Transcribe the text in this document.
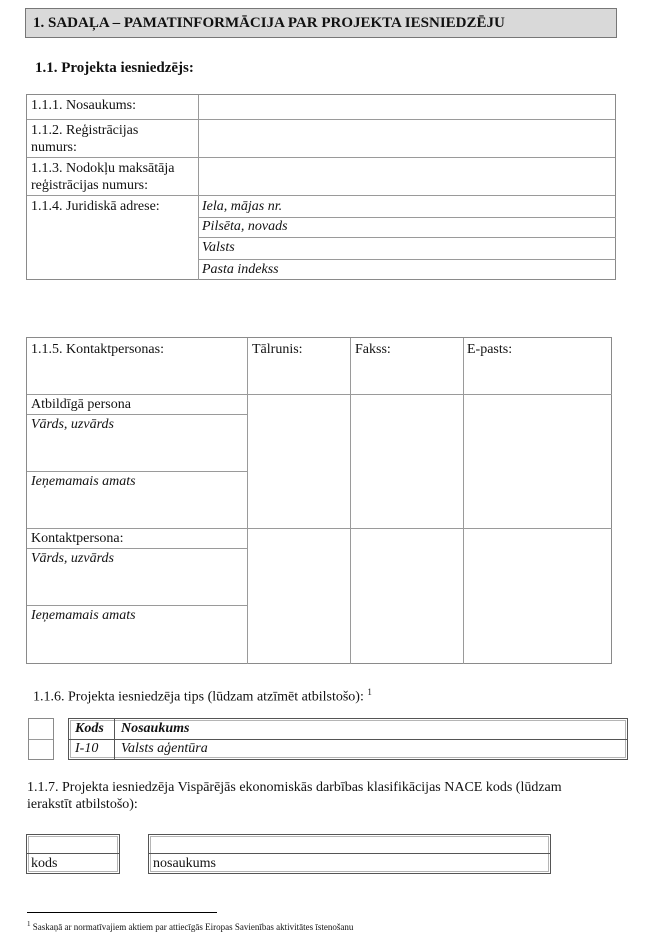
1. SADAĻA – PAMATINFORMĀCIJA PAR PROJEKTA IESNIEDZĒJU
1.1. Projekta iesniedzējs:
1.1.1. Nosaukums:
1.1.2. Reģistrācijas
numurs:
1.1.3. Nodokļu maksātāja
reģistrācijas numurs:
1.1.4. Juridiskā adrese:	Iela, mājas nr.
Pilsēta, novads
Valsts
Pasta indekss
1.1.5. Kontaktpersonas:	Tālrunis:	Fakss:	E-pasts:
Atbildīgā persona
Vārds, uzvārds
Ieņemamais amats
Kontaktpersona:
Vārds, uzvārds
Ieņemamais amats
1.1.6. Projekta iesniedzēja tips (lūdzam atzīmēt atbilstošo): $^1$
Kods Nosaukums
I-10 Valsts aģentūra
1.1.7. Projekta iesniedzēja Vispārējās ekonomiskās darbības klasifikācijas NACE kods (lūdzam
ierakstīt atbilstošo):
kods	nosaukums
$^1$ Saskaņā ar normatīvajiem aktiem par attiecīgās Eiropas Savienības aktivitātes īstenošanu
